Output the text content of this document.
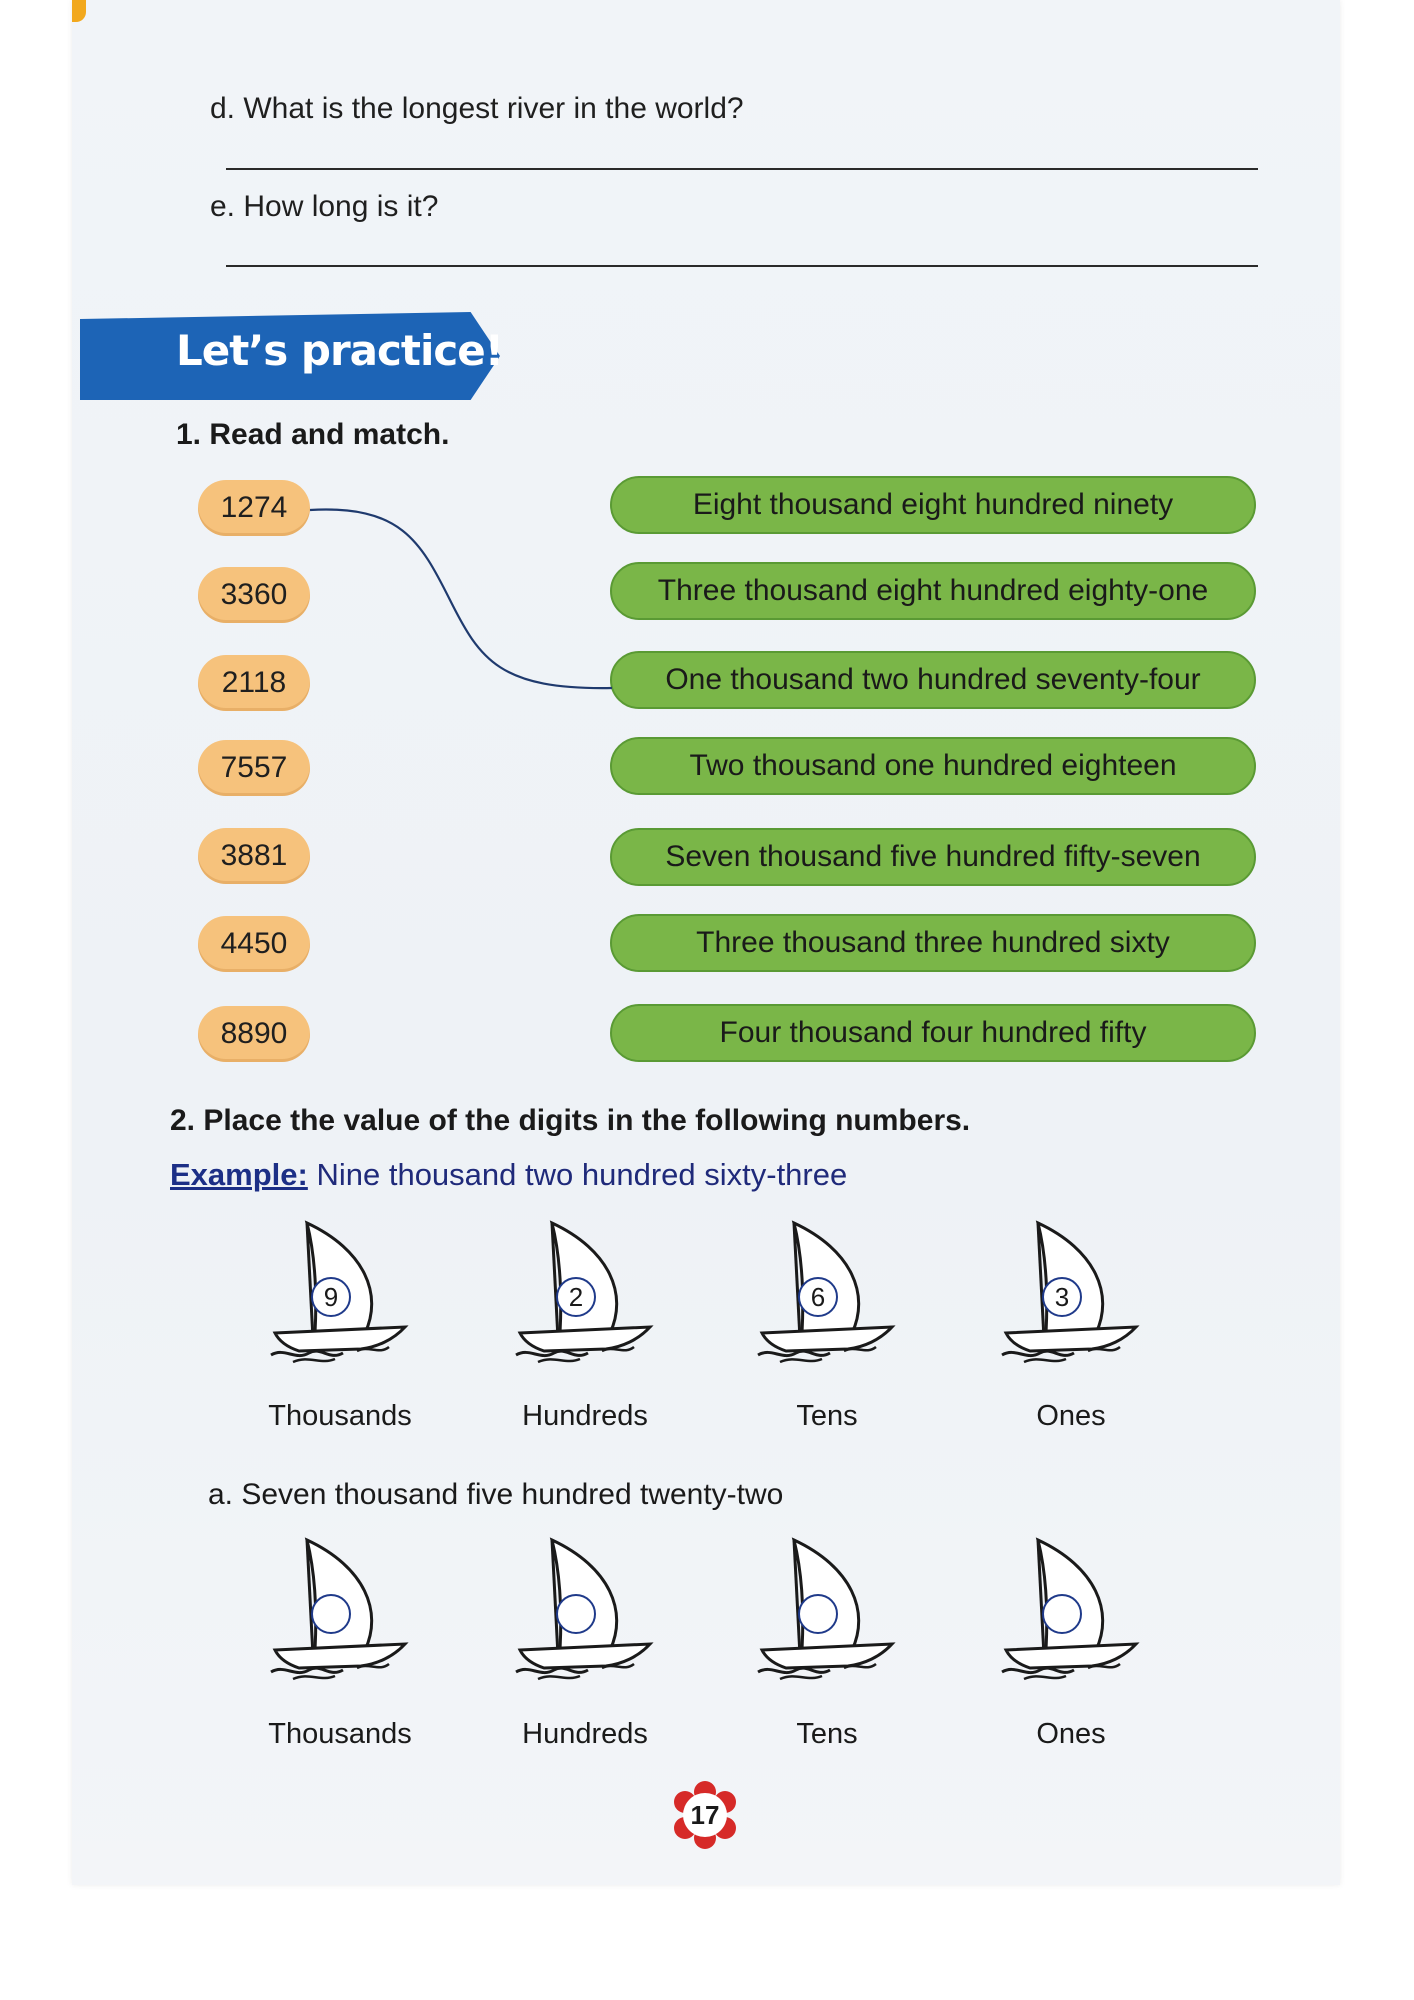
d. What is the longest river in the world?
e. How long is it?
Let’s practice!
1. Read and match.
1274
3360
2118
7557
3881
4450
8890
Eight thousand eight hundred ninety
Three thousand eight hundred eighty-one
One thousand two hundred seventy-four
Two thousand one hundred eighteen
Seven thousand five hundred fifty-seven
Three thousand three hundred sixty
Four thousand four hundred fifty
2. Place the value of the digits in the following numbers.
Example: Nine thousand two hundred sixty-three
9
Thousands
2
Hundreds
6
Tens
3
Ones
Thousands	Hundreds	Tens	Ones
a. Seven thousand five hundred twenty-two
17
